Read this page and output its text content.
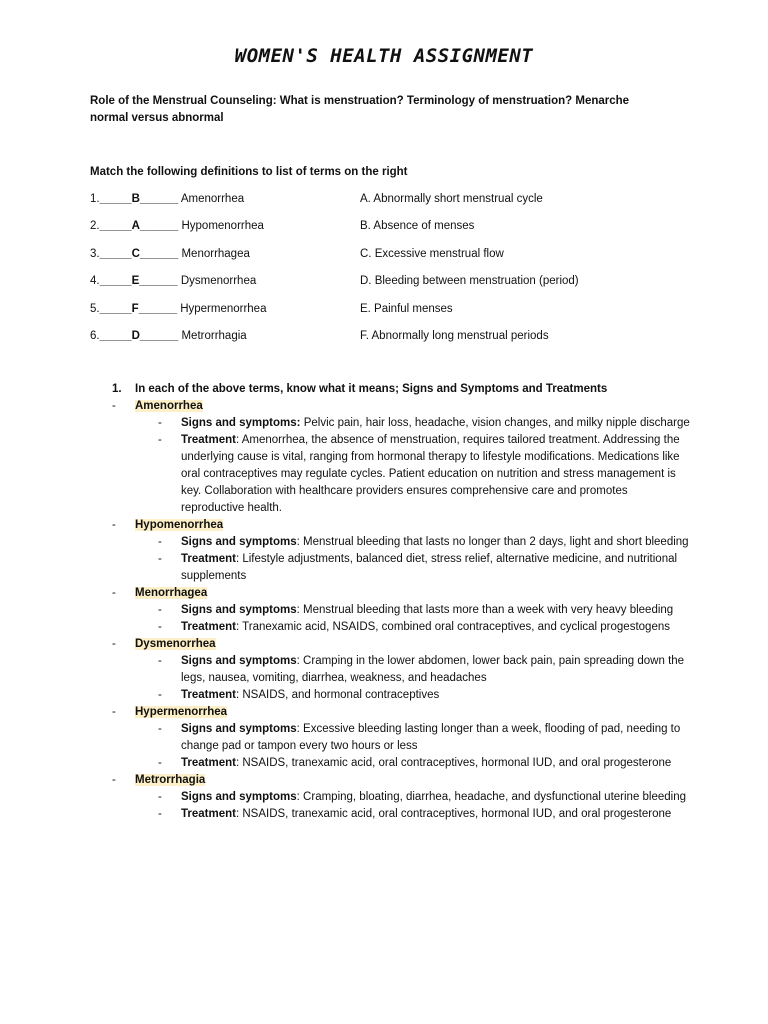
WOMEN'S HEALTH ASSIGNMENT
Role of the Menstrual Counseling: What is menstruation? Terminology of menstruation? Menarche normal versus abnormal
Match the following definitions to list of terms on the right
1._____B______ Amenorrhea	A. Abnormally short menstrual cycle
2._____A______ Hypomenorrhea	B. Absence of menses
3._____C______ Menorrhagea	C. Excessive menstrual flow
4._____E______ Dysmenorrhea	D. Bleeding between menstruation (period)
5._____F______ Hypermenorrhea	E. Painful menses
6._____D______ Metrorrhagia	F. Abnormally long menstrual periods
1. In each of the above terms, know what it means; Signs and Symptoms and Treatments
- Amenorrhea
- Signs and symptoms: Pelvic pain, hair loss, headache, vision changes, and milky nipple discharge
- Treatment: Amenorrhea, the absence of menstruation, requires tailored treatment. Addressing the underlying cause is vital, ranging from hormonal therapy to lifestyle modifications. Medications like oral contraceptives may regulate cycles. Patient education on nutrition and stress management is key. Collaboration with healthcare providers ensures comprehensive care and promotes reproductive health.
- Hypomenorrhea
- Signs and symptoms: Menstrual bleeding that lasts no longer than 2 days, light and short bleeding
- Treatment: Lifestyle adjustments, balanced diet, stress relief, alternative medicine, and nutritional supplements
- Menorrhagea
- Signs and symptoms: Menstrual bleeding that lasts more than a week with very heavy bleeding
- Treatment: Tranexamic acid, NSAIDS, combined oral contraceptives, and cyclical progestogens
- Dysmenorrhea
- Signs and symptoms: Cramping in the lower abdomen, lower back pain, pain spreading down the legs, nausea, vomiting, diarrhea, weakness, and headaches
- Treatment: NSAIDS, and hormonal contraceptives
- Hypermenorrhea
- Signs and symptoms: Excessive bleeding lasting longer than a week, flooding of pad, needing to change pad or tampon every two hours or less
- Treatment: NSAIDS, tranexamic acid, oral contraceptives, hormonal IUD, and oral progesterone
- Metrorrhagia
- Signs and symptoms: Cramping, bloating, diarrhea, headache, and dysfunctional uterine bleeding
- Treatment: NSAIDS, tranexamic acid, oral contraceptives, hormonal IUD, and oral progesterone
